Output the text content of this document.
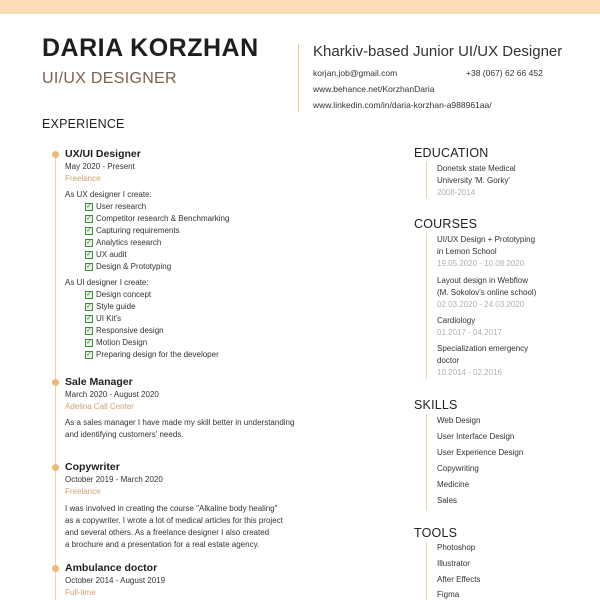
DARIA KORZHAN
UI/UX DESIGNER
Kharkiv-based Junior UI/UX Designer
korjan.job@gmail.com	+38 (067) 62 66 452
www.behance.net/KorzhanDaria
www.linkedin.com/in/daria-korzhan-a988961aa/
EXPERIENCE
UX/UI Designer
May 2020 - Present
Freelance
As UX designer I create:
✓ User research
✓ Competitor research & Benchmarking
✓ Capturing requirements
✓ Analytics research
✓ UX audit
✓ Design & Prototyping
As UI designer I create:
✓ Design concept
✓ Style guide
✓ UI Kit's
✓ Responsive design
✓ Motion Design
✓ Preparing design for the developer
Sale Manager
March 2020 - August 2020
Adelina Call Center
As a sales manager I have made my skill better in understanding
and identifying customers' needs.
Copywriter
October 2019 - March 2020
Freelance
I was involved in creating the course "Alkaline body healing"
as a copywriter. I wrote a lot of medical articles for this project
and several others. As a freelance designer I also created
a brochure and a presentation for a real estate agency.
Ambulance doctor
October 2014 - August 2019
Full-time
EDUCATION
Donetsk state Medical
University 'M. Gorky'
2008-2014
COURSES
UI/UX Design + Prototyping
in Lemon School
19.05.2020 - 10.08.2020
Layout design in Webflow
(M. Sokolov's online school)
02.03.2020 - 24.03.2020
Cardiology
01.2017 - 04.2017
Specialization emergency
doctor
10.2014 - 02.2016
SKILLS
Web Design
User Interface Design
User Experience Design
Copywriting
Medicine
Sales
TOOLS
Photoshop
Illustrator
After Effects
Figma
